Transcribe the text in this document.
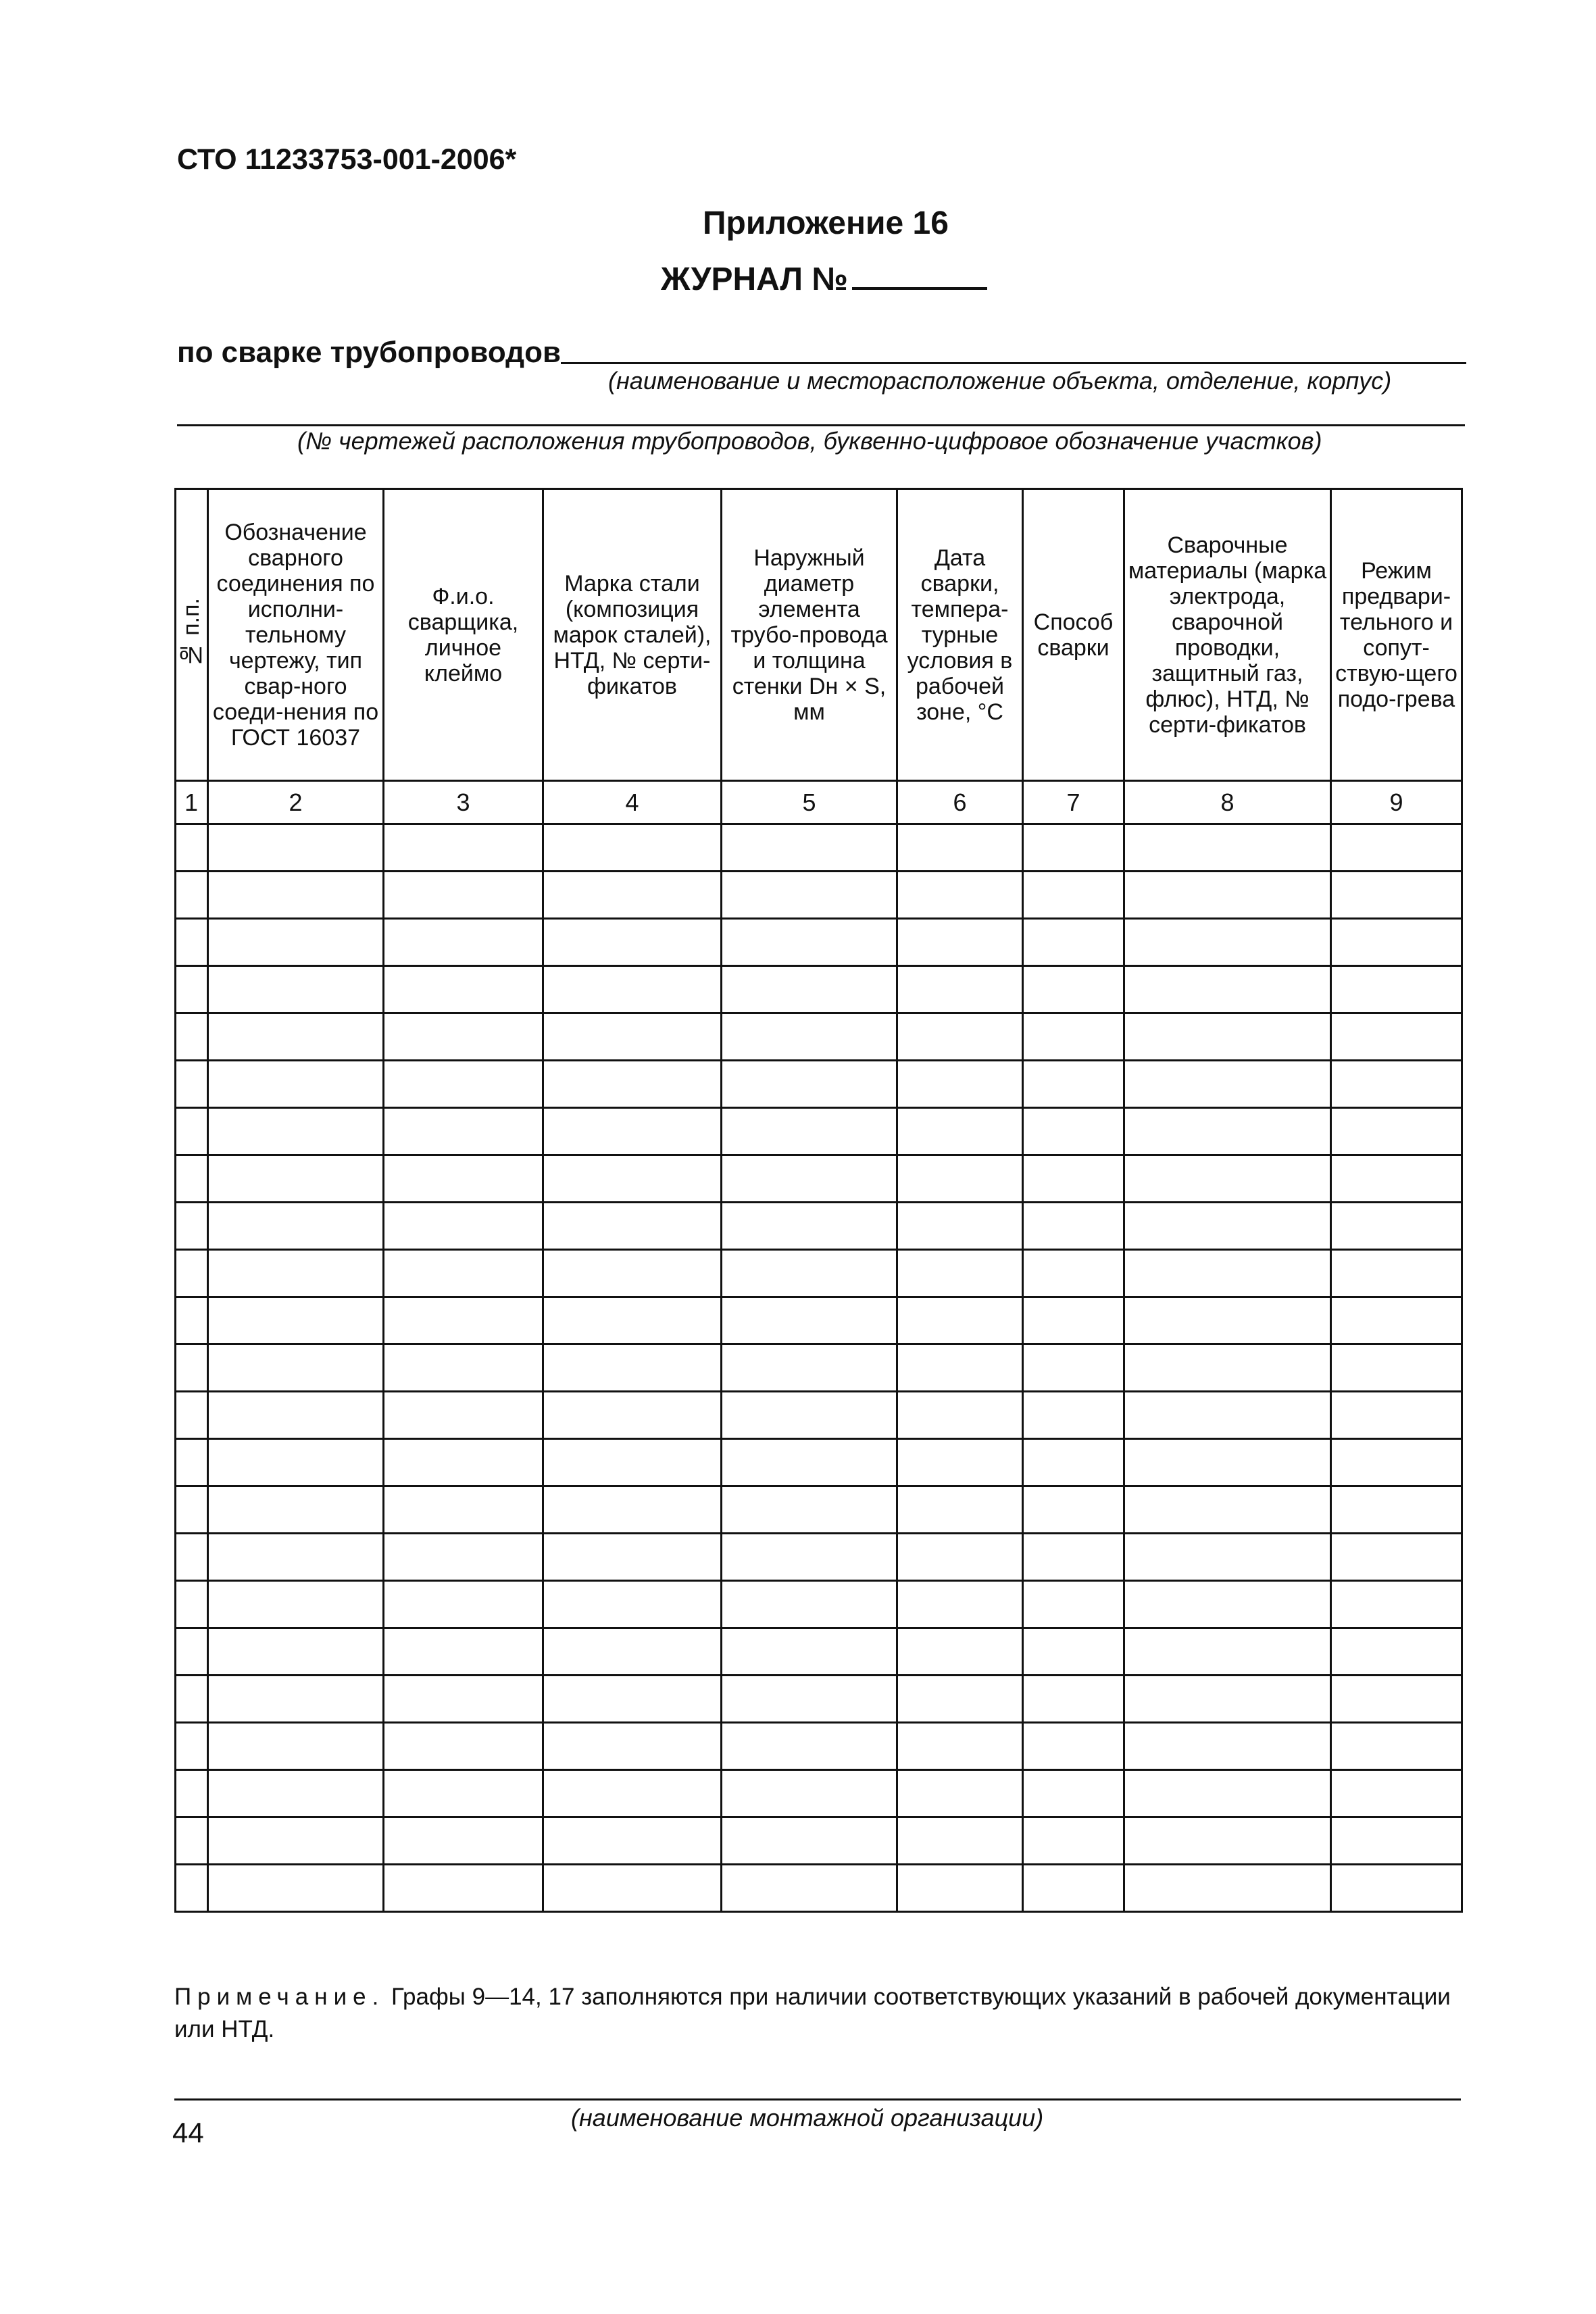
СТО 11233753-001-2006*
Приложение 16
ЖУРНАЛ №
по сварке трубопроводов
(наименование и месторасположение объекта, отделение, корпус)
(№ чертежей расположения трубопроводов, буквенно-цифровое обозначение участков)
№ п.п.	Обозначение сварного соединения по исполни-тельному чертежу, тип свар-ного соеди-нения по ГОСТ 16037	Ф.и.о. сварщика, личное клеймо	Марка стали (композиция марок сталей), НТД, № серти-фикатов	Наружный диаметр элемента трубо-провода и толщина стенки Dн × S, мм	Дата сварки, темпера-турные условия в рабочей зоне, °С	Способ сварки	Сварочные материалы (марка электрода, сварочной проводки, защитный газ, флюс), НТД, № серти-фикатов	Режим предвари-тельного и сопут-ствую-щего подо-грева
1	2	3	4	5	6	7	8	9

Примечание. Графы 9—14, 17 заполняются при наличии соответствующих указаний в рабочей документации или НТД.
(наименование монтажной организации)
44
